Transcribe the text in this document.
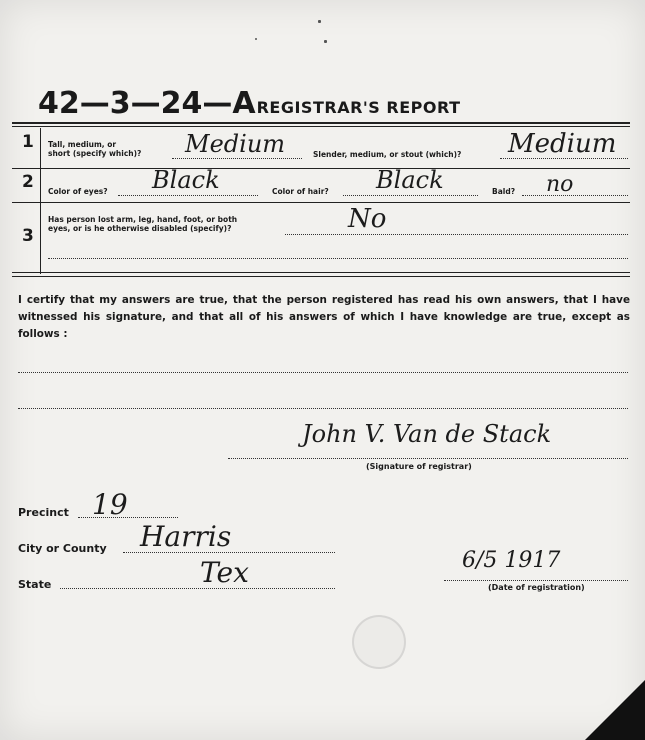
42—3—24—A REGISTRAR'S REPORT
1 Tall, medium, or
short (specify which)? Medium	Slender, medium, or stout (which)? Medium
2 Color of eyes? Black	Color of hair? Black	Bald? no
3
Has person lost arm, leg, hand, foot, or both
eyes, or is he otherwise disabled (specify)?	No
I certify that my answers are true, that the person registered has read his own answers, that I have witnessed his signature, and that all of his answers of which I have knowledge are true, except as follows :
John V. Van de Stack
(Signature of registrar)
Precinct 19
City or County Harris
State	Tex	6/5 1917
(Date of registration)
